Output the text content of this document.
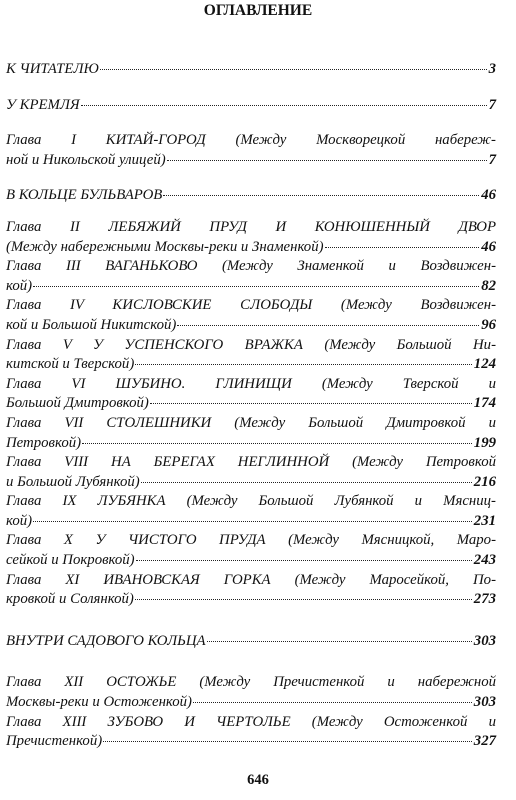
ОГЛАВЛЕНИЕ
К ЧИТАТЕЛЮ	3
У КРЕМЛЯ	7
Глава I КИТАЙ-ГОРОД (Между Москворецкой набереж-
ной и Никольской улицей)	7
В КОЛЬЦЕ БУЛЬВАРОВ	46
Глава II ЛЕБЯЖИЙ ПРУД И КОНЮШЕННЫЙ ДВОР
(Между набережными Москвы-реки и Знаменкой)	46
Глава III ВАГАНЬКОВО (Между Знаменкой и Воздвижен-
кой)	82
Глава IV КИСЛОВСКИЕ СЛОБОДЫ (Между Воздвижен-
кой и Большой Никитской)	96
Глава V У УСПЕНСКОГО ВРАЖКА (Между Большой Ни-
китской и Тверской)	124
Глава VI ШУБИНО. ГЛИНИЩИ (Между Тверской и
Большой Дмитровкой)	174
Глава VII СТОЛЕШНИКИ (Между Большой Дмитровкой и
Петровкой)	199
Глава VIII НА БЕРЕГАХ НЕГЛИННОЙ (Между Петровкой
и Большой Лубянкой)	216
Глава IX ЛУБЯНКА (Между Большой Лубянкой и Мясниц-
кой)	231
Глава X У ЧИСТОГО ПРУДА (Между Мясницкой, Маро-
сейкой и Покровкой)	243
Глава XI ИВАНОВСКАЯ ГОРКА (Между Маросейкой, По-
кровкой и Солянкой)	273
ВНУТРИ САДОВОГО КОЛЬЦА	303
Глава XII ОСТОЖЬЕ (Между Пречистенкой и набережной
Москвы-реки и Остоженкой)	303
Глава XIII ЗУБОВО И ЧЕРТОЛЬЕ (Между Остоженкой и
Пречистенкой)	327
646
